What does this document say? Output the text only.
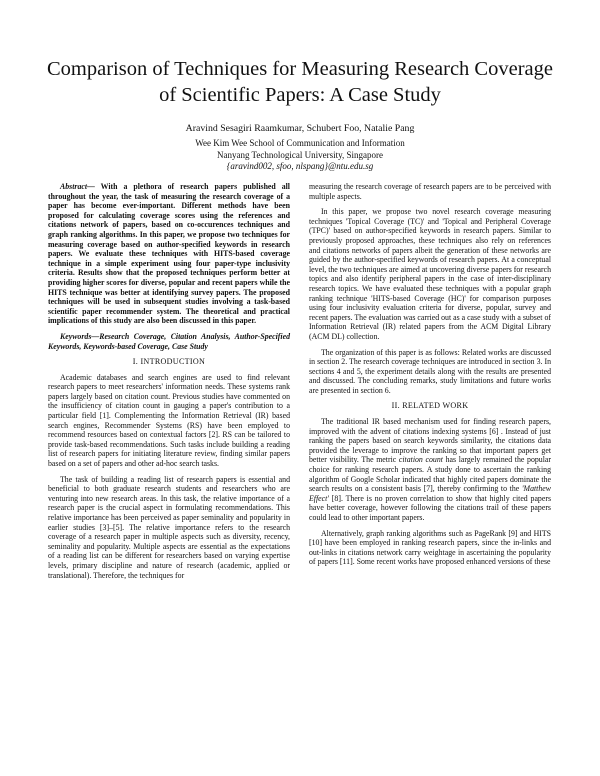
Comparison of Techniques for Measuring Research Coverage of Scientific Papers: A Case Study
Aravind Sesagiri Raamkumar, Schubert Foo, Natalie Pang
Wee Kim Wee School of Communication and Information
Nanyang Technological University, Singapore
{aravind002, sfoo, nlspang}@ntu.edu.sg

Abstract— With a plethora of research papers published all throughout the year, the task of measuring the research coverage of a paper has become ever-important. Different methods have been proposed for calculating coverage scores using the references and citations network of papers, based on co-occurences techniques and graph ranking algorithms. In this paper, we propose two techniques for measuring coverage based on author-specified keywords in research papers. We evaluate these techniques with HITS-based coverage technique in a simple experiment using four paper-type inclusivity criteria. Results show that the proposed techniques perform better at providing higher scores for diverse, popular and recent papers while the HITS technique was better at identifying survey papers. The proposed techniques will be used in subsequent studies involving a task-based scientific paper recommender system. The theoretical and practical implications of this study are also been discussed in this paper.

Keywords—Research Coverage, Citation Analysis, Author-Specified Keywords, Keywords-based Coverage, Case Study

I. INTRODUCTION

Academic databases and search engines are used to find relevant research papers to meet researchers' information needs. These systems rank papers largely based on citation count. Previous studies have commented on the insufficiency of citation count in gauging a paper's contribution to a particular field [1]. Complementing the Information Retrieval (IR) based search engines, Recommender Systems (RS) have been employed to recommend resources based on contextual factors [2]. RS can be tailored to provide task-based recommendations. Such tasks include building a reading list of research papers for initiating literature review, finding similar papers based on a set of papers and other ad-hoc search tasks.

The task of building a reading list of research papers is essential and beneficial to both graduate research students and researchers who are venturing into new research areas. In this task, the relative importance of a research paper is the crucial aspect in formulating recommendations. This relative importance has been perceived as paper seminality and popularity in earlier studies [3]–[5]. The relative importance refers to the research coverage of a research paper in multiple aspects such as diversity, recency, seminality and popularity. Multiple aspects are essential as the expectations of a reading list can be different for researchers based on varying expertise levels, primary discipline and nature of research (academic, applied or translational). Therefore, the techniques for

measuring the research coverage of research papers are to be perceived with multiple aspects.

In this paper, we propose two novel research coverage measuring techniques 'Topical Coverage (TC)' and 'Topical and Peripheral Coverage (TPC)' based on author-specified keywords in research papers. Similar to previously proposed approaches, these techniques also rely on references and citations networks of papers albeit the generation of these networks are guided by the author-specified keywords of research papers. At a conceptual level, the two techniques are aimed at uncovering diverse papers for research topics and also identify peripheral papers in the case of inter-disciplinary research topics. We have evaluated these techniques with a popular graph ranking technique 'HITS-based Coverage (HC)' for comparison purposes using four inclusivity evaluation criteria for diverse, popular, survey and recent papers. The evaluation was carried out as a case study with a subset of Information Retrieval (IR) related papers from the ACM Digital Library (ACM DL) collection.

The organization of this paper is as follows: Related works are discussed in section 2. The research coverage techniques are introduced in section 3. In sections 4 and 5, the experiment details along with the results are presented and discussed. The concluding remarks, study limitations and future works are presented in section 6.

II. RELATED WORK

The traditional IR based mechanism used for finding research papers, improved with the advent of citations indexing systems [6] . Instead of just ranking the papers based on search keywords similarity, the citations data provided the leverage to improve the ranking so that important papers get better visibility. The metric citation count has largely remained the popular choice for ranking research papers. A study done to ascertain the ranking algorithm of Google Scholar indicated that highly cited papers dominate the search results on a consistent basis [7], thereby confirming to the 'Matthew Effect' [8]. There is no proven correlation to show that highly cited papers have better coverage, however following the citations trail of these papers could lead to other important papers.

Alternatively, graph ranking algorithms such as PageRank [9] and HITS [10] have been employed in ranking research papers, since the in-links and out-links in citations network carry weightage in ascertaining the popularity of papers [11]. Some recent works have proposed enhanced versions of these
